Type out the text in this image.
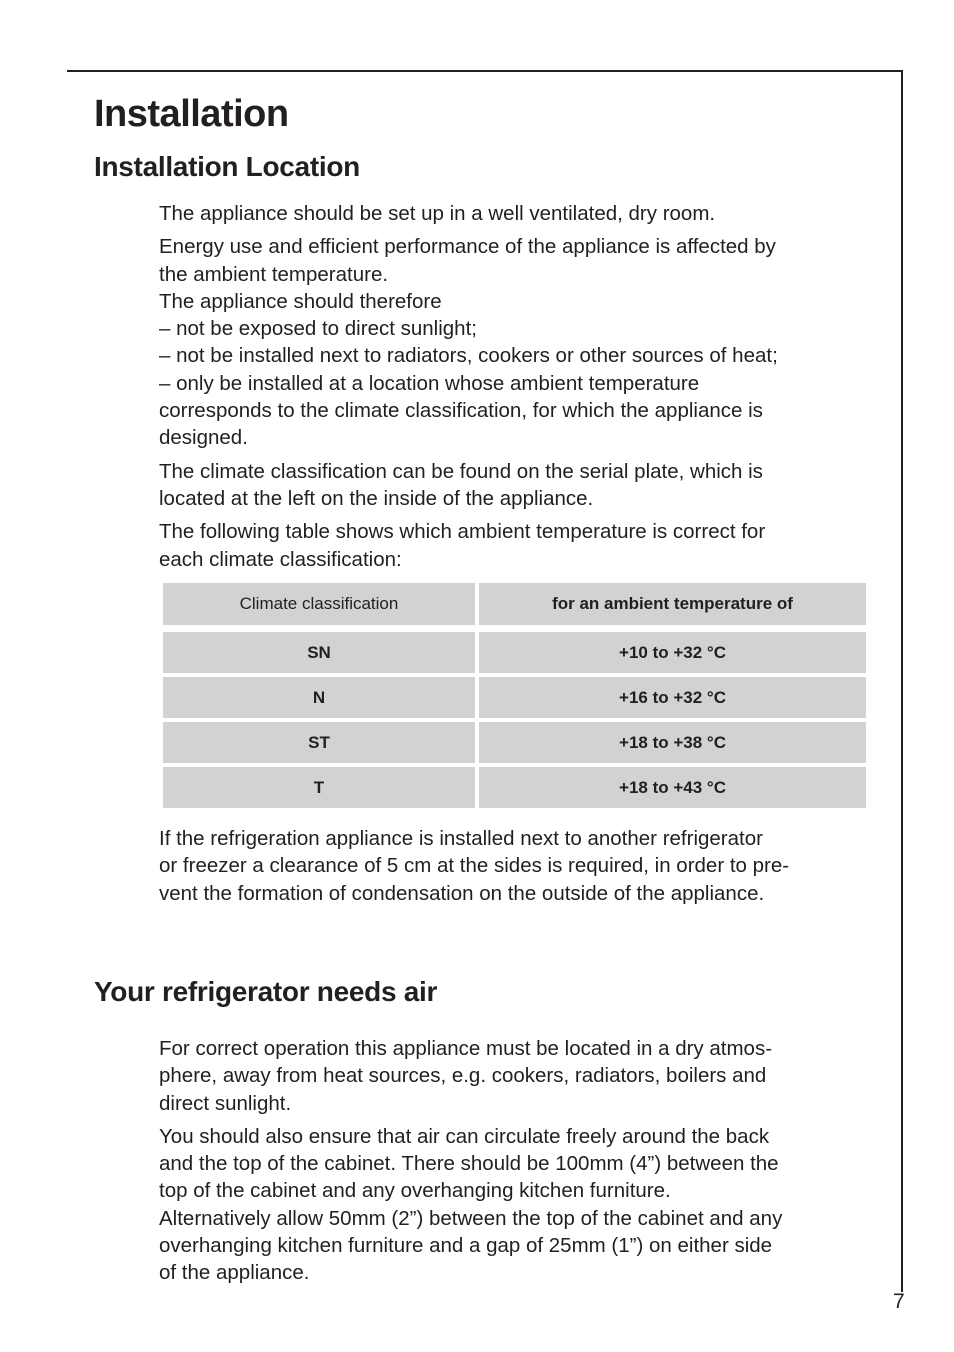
Installation
Installation Location

The appliance should be set up in a well ventilated, dry room.

Energy use and efficient performance of the appliance is affected by
the ambient temperature.
The appliance should therefore
– not be exposed to direct sunlight;
– not be installed next to radiators, cookers or other sources of heat;
– only be installed at a location whose ambient temperature
corresponds to the climate classification, for which the appliance is
designed.

The climate classification can be found on the serial plate, which is
located at the left on the inside of the appliance.

The following table shows which ambient temperature is correct for
each climate classification:

Climate classification	for an ambient temperature of
SN	+10 to +32 °C
N	+16 to +32 °C
ST	+18 to +38 °C
T	+18 to +43 °C

If the refrigeration appliance is installed next to another refrigerator
or freezer a clearance of 5 cm at the sides is required, in order to pre-
vent the formation of condensation on the outside of the appliance.

Your refrigerator needs air

For correct operation this appliance must be located in a dry atmos-
phere, away from heat sources, e.g. cookers, radiators, boilers and
direct sunlight.

You should also ensure that air can circulate freely around the back
and the top of the cabinet. There should be 100mm (4”) between the
top of the cabinet and any overhanging kitchen furniture.
Alternatively allow 50mm (2”) between the top of the cabinet and any
overhanging kitchen furniture and a gap of 25mm (1”) on either side
of the appliance.

7
